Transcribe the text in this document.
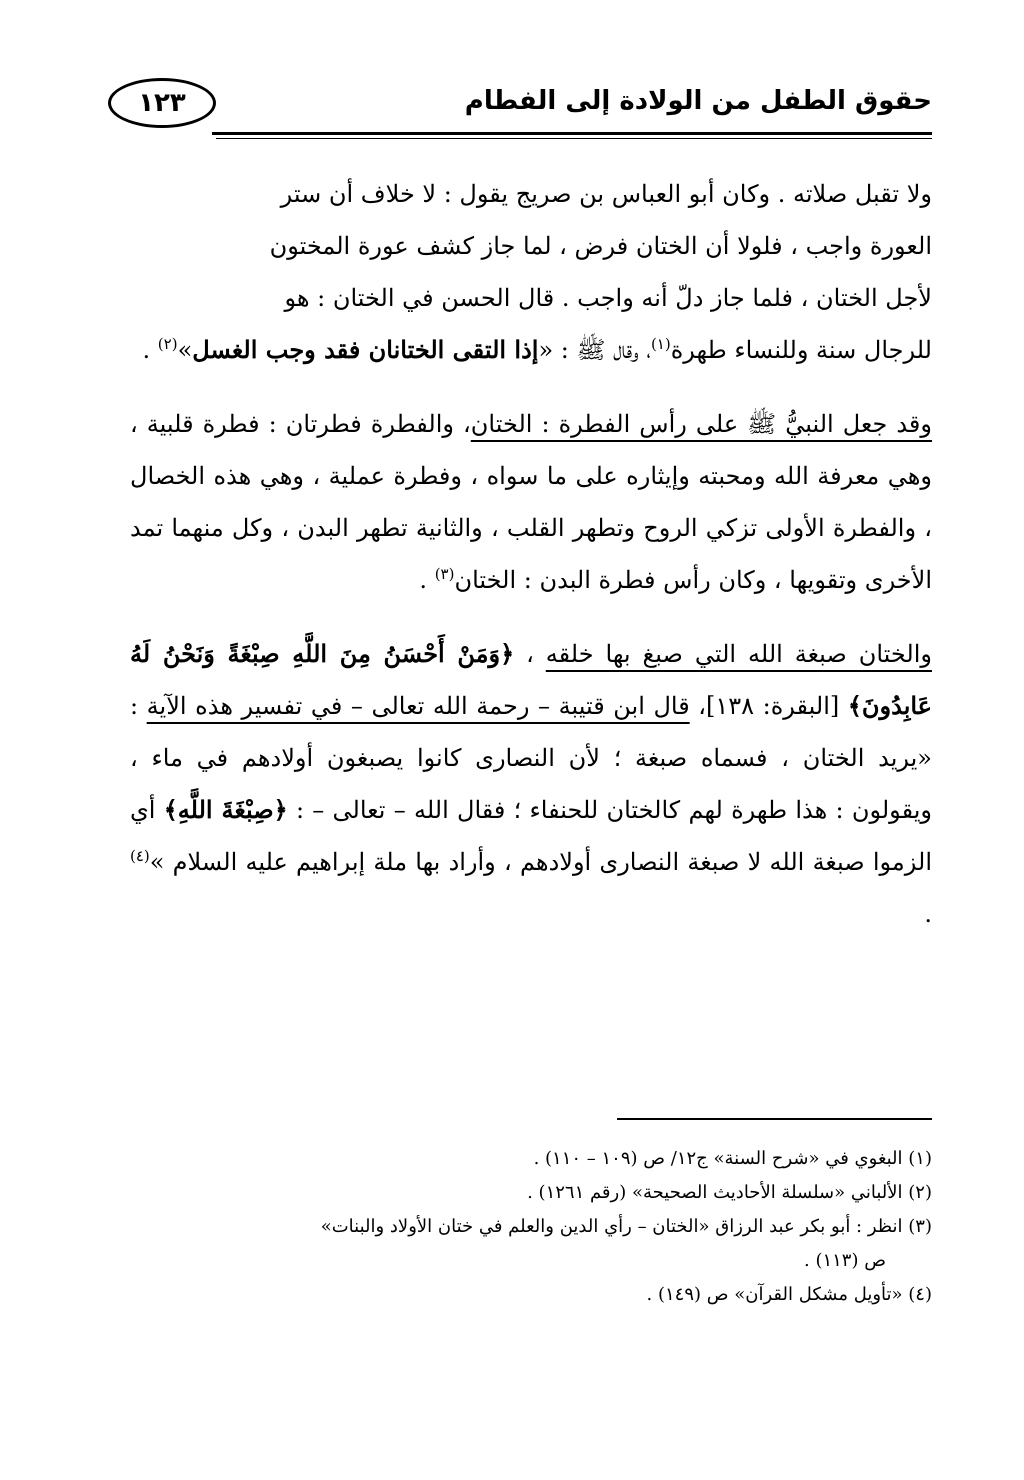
حقوق الطفل من الولادة إلى الفطام
١٢٣

ولا تقبل صلاته . وكان أبو العباس بن صريج يقول : لا خلاف أن ستر

العورة واجب ، فلولا أن الختان فرض ، لما جاز كشف عورة المختون

لأجل الختان ، فلما جاز دلّ أنه واجب . قال الحسن في الختان : هو

للرجال سنة وللنساء طهرة$^{(١)}$، وقال ﷺ : «إذا التقى الختانان فقد وجب الغسل»$^{(٢)}$ .

وقد جعل النبيُّ ﷺ على رأس الفطرة : الختان، والفطرة فطرتان : فطرة قلبية ، وهي معرفة الله ومحبته وإيثاره على ما سواه ، وفطرة عملية ، وهي هذه الخصال ، والفطرة الأولى تزكي الروح وتطهر القلب ، والثانية تطهر البدن ، وكل منهما تمد الأخرى وتقويها ، وكان رأس فطرة البدن : الختان$^{(٣)}$ .

والختان صبغة الله التي صبغ بها خلقه ، ﴿وَمَنْ أَحْسَنُ مِنَ اللَّهِ صِبْغَةً وَنَحْنُ لَهُ عَابِدُونَ﴾ [البقرة: ١٣٨]، قال ابن قتيبة – رحمة الله تعالى – في تفسير هذه الآية : «يريد الختان ، فسماه صبغة ؛ لأن النصارى كانوا يصبغون أولادهم في ماء ، ويقولون : هذا طهرة لهم كالختان للحنفاء ؛ فقال الله – تعالى – : ﴿صِبْغَةَ اللَّهِ﴾ أي الزموا صبغة الله لا صبغة النصارى أولادهم ، وأراد بها ملة إبراهيم عليه السلام »$^{(٤)}$ .

(١) البغوي في «شرح السنة» ج١٢/ ص (١٠٩ – ١١٠) .

(٢) الألباني «سلسلة الأحاديث الصحيحة» (رقم ١٢٦١) .

(٣) انظر : أبو بكر عبد الرزاق «الختان – رأي الدين والعلم في ختان الأولاد والبنات»

ص (١١٣) .

(٤) «تأويل مشكل القرآن» ص (١٤٩) .
